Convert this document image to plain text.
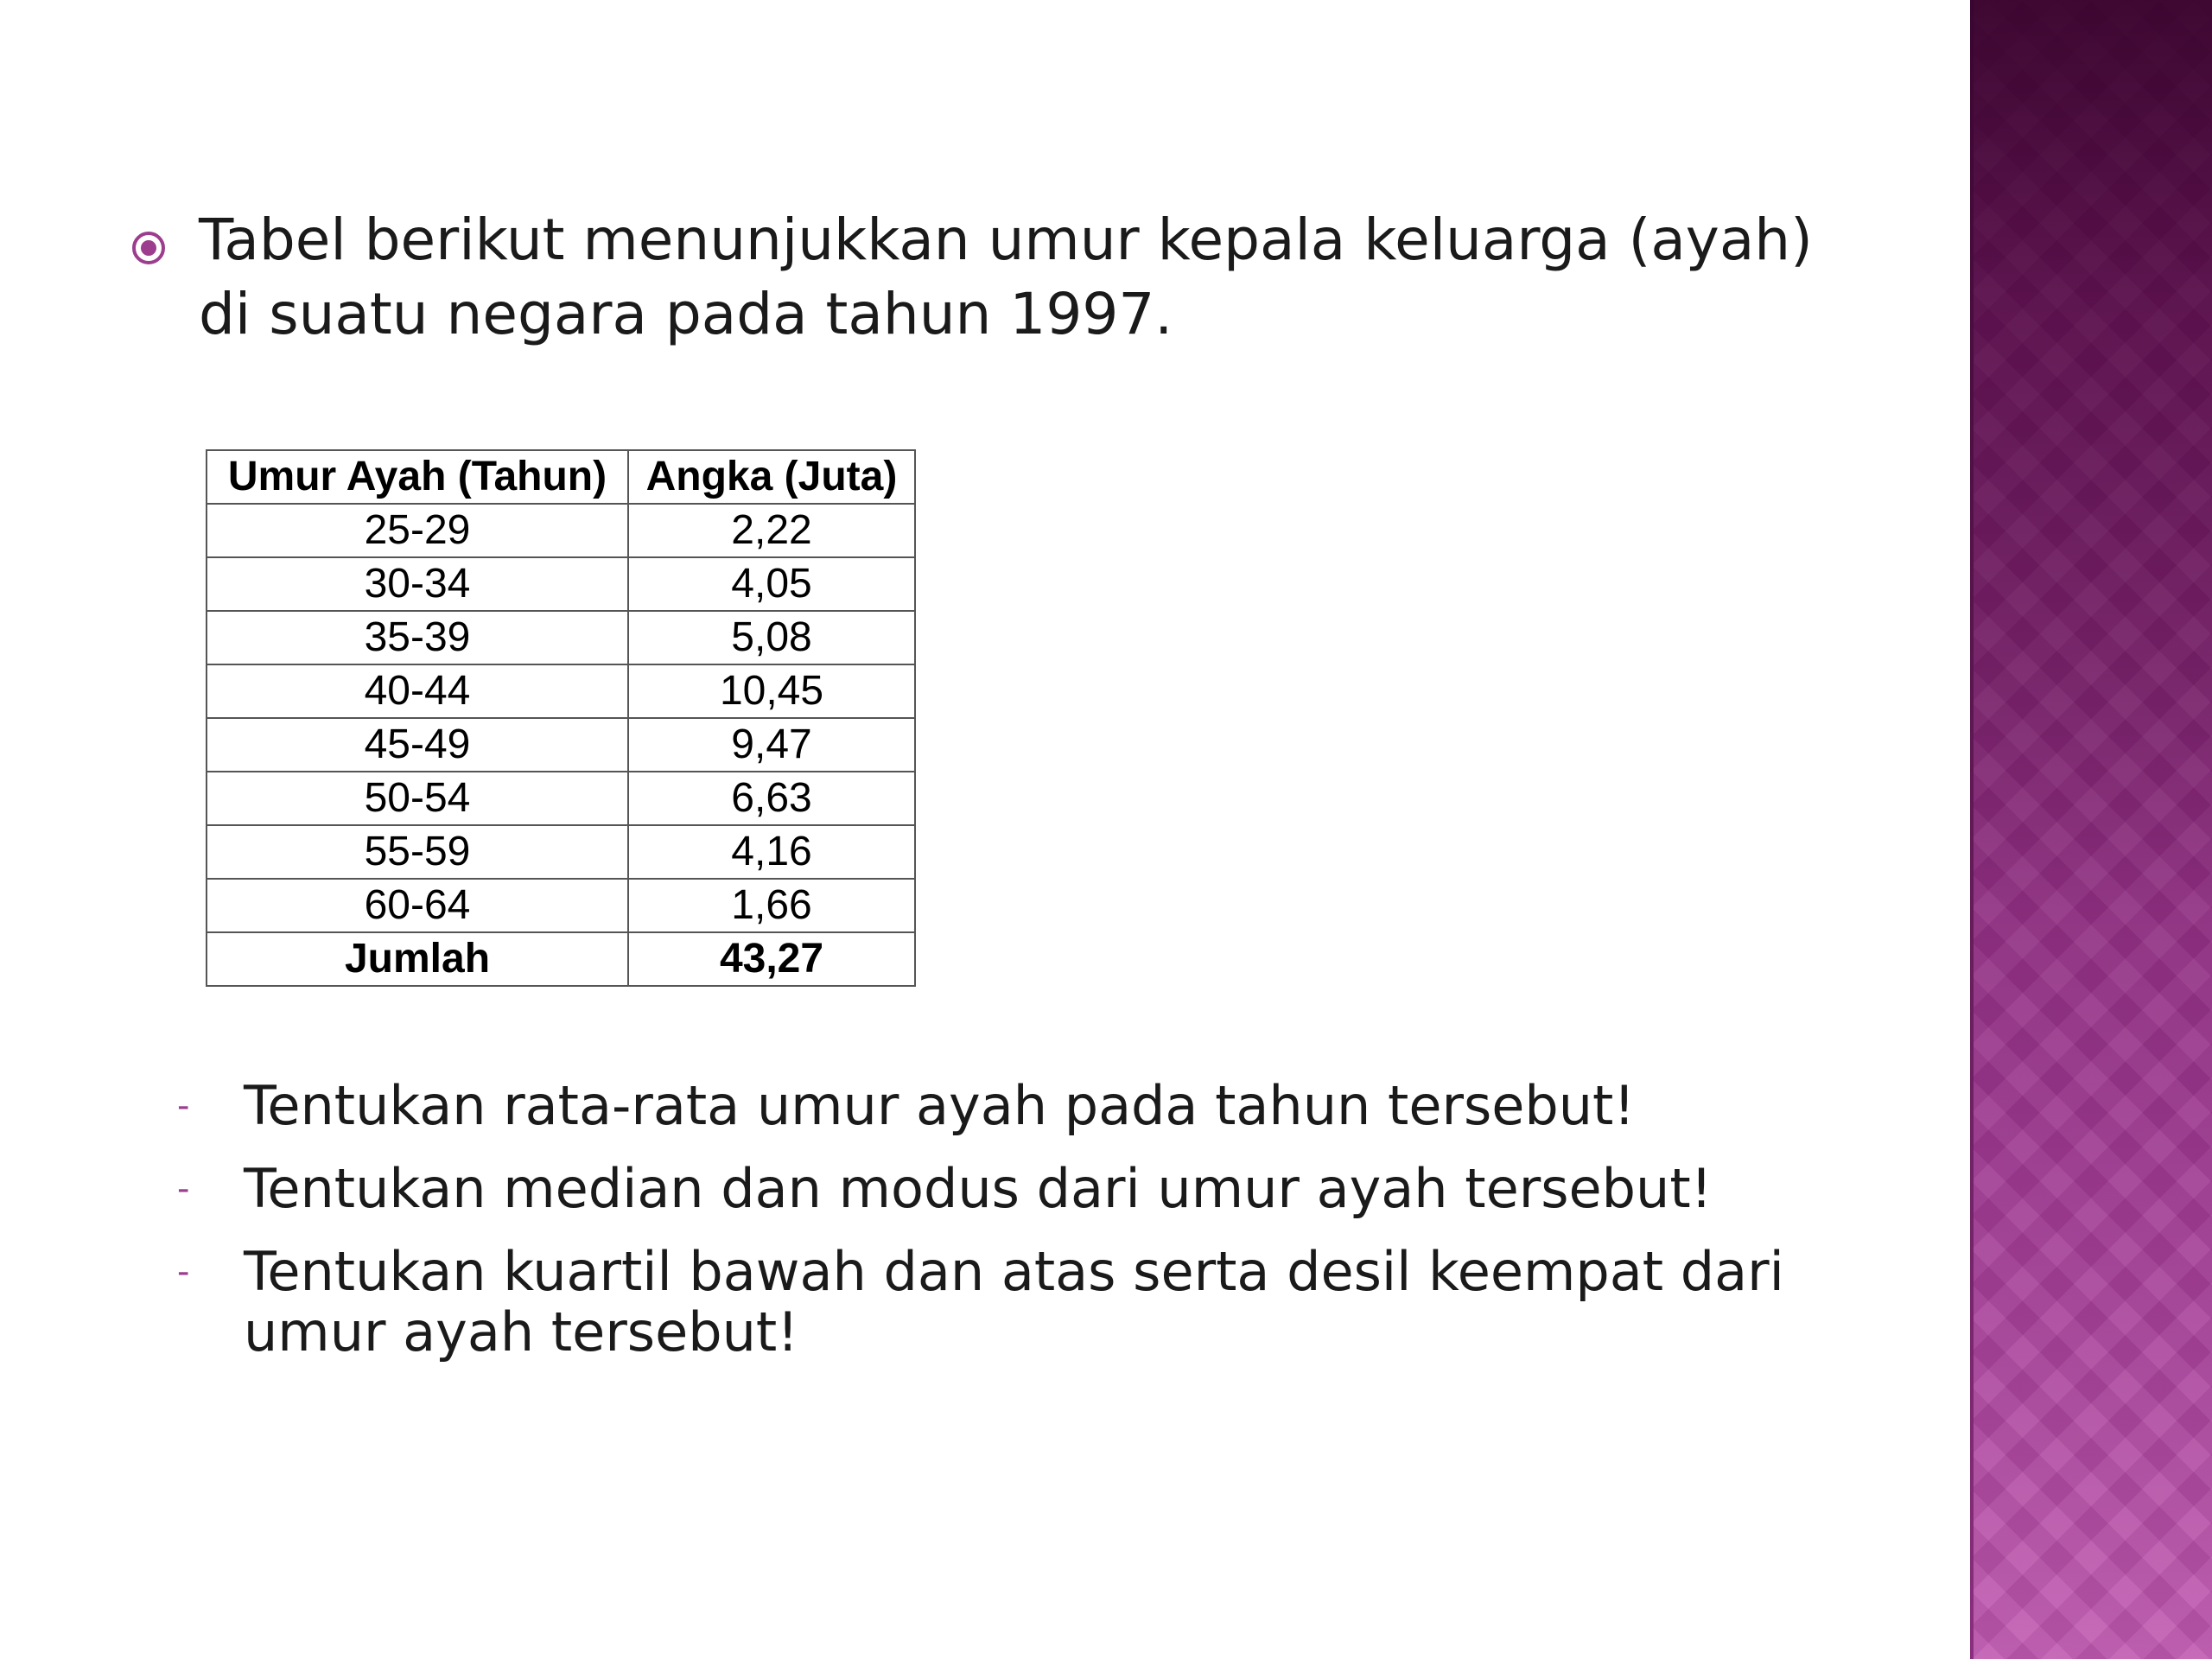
Tabel berikut menunjukkan umur kepala keluarga (ayah) di suatu negara pada tahun 1997.
Umur Ayah (Tahun)	Angka (Juta)
25-29	2,22
30-34	4,05
35-39	5,08
40-44	10,45
45-49	9,47
50-54	6,63
55-59	4,16
60-64	1,66
Jumlah	43,27
-	Tentukan rata-rata umur ayah pada tahun tersebut!
-	Tentukan median dan modus dari umur ayah tersebut!
-	Tentukan kuartil bawah dan atas serta desil keempat dari umur ayah tersebut!
